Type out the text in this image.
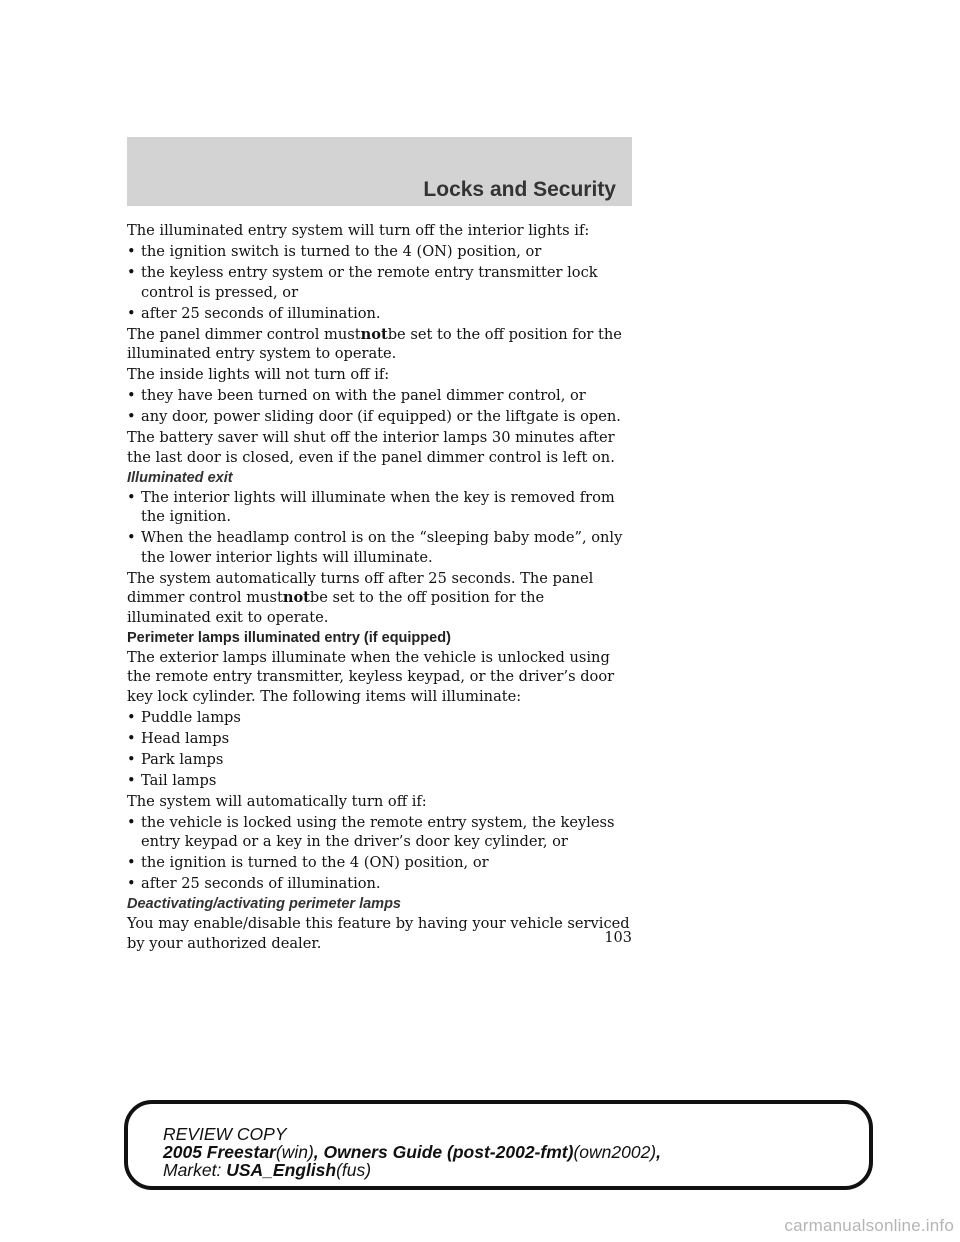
Locks and Security

The illuminated entry system will turn off the interior lights if:

• the ignition switch is turned to the 4 (ON) position, or
• the keyless entry system or the remote entry transmitter lock control is pressed, or
• after 25 seconds of illumination.

The panel dimmer control mustnotbe set to the off position for the illuminated entry system to operate.

The inside lights will not turn off if:

• they have been turned on with the panel dimmer control, or
• any door, power sliding door (if equipped) or the liftgate is open.

The battery saver will shut off the interior lamps 30 minutes after the last door is closed, even if the panel dimmer control is left on.

Illuminated exit
• The interior lights will illuminate when the key is removed from the ignition.
• When the headlamp control is on the “sleeping baby mode”, only the lower interior lights will illuminate.

The system automatically turns off after 25 seconds. The panel dimmer control mustnotbe set to the off position for the illuminated exit to operate.

Perimeter lamps illuminated entry (if equipped)

The exterior lamps illuminate when the vehicle is unlocked using the remote entry transmitter, keyless keypad, or the driver’s door key lock cylinder. The following items will illuminate:

• Puddle lamps
• Head lamps
• Park lamps
• Tail lamps

The system will automatically turn off if:

• the vehicle is locked using the remote entry system, the keyless entry keypad or a key in the driver’s door key cylinder, or
• the ignition is turned to the 4 (ON) position, or
• after 25 seconds of illumination.
Deactivating/activating perimeter lamps

You may enable/disable this feature by having your vehicle serviced by your authorized dealer.	103
REVIEW COPY
2005 Freestar(win), Owners Guide (post-2002-fmt)(own2002),
Market: USA_English(fus)
carmanualsonline.info
